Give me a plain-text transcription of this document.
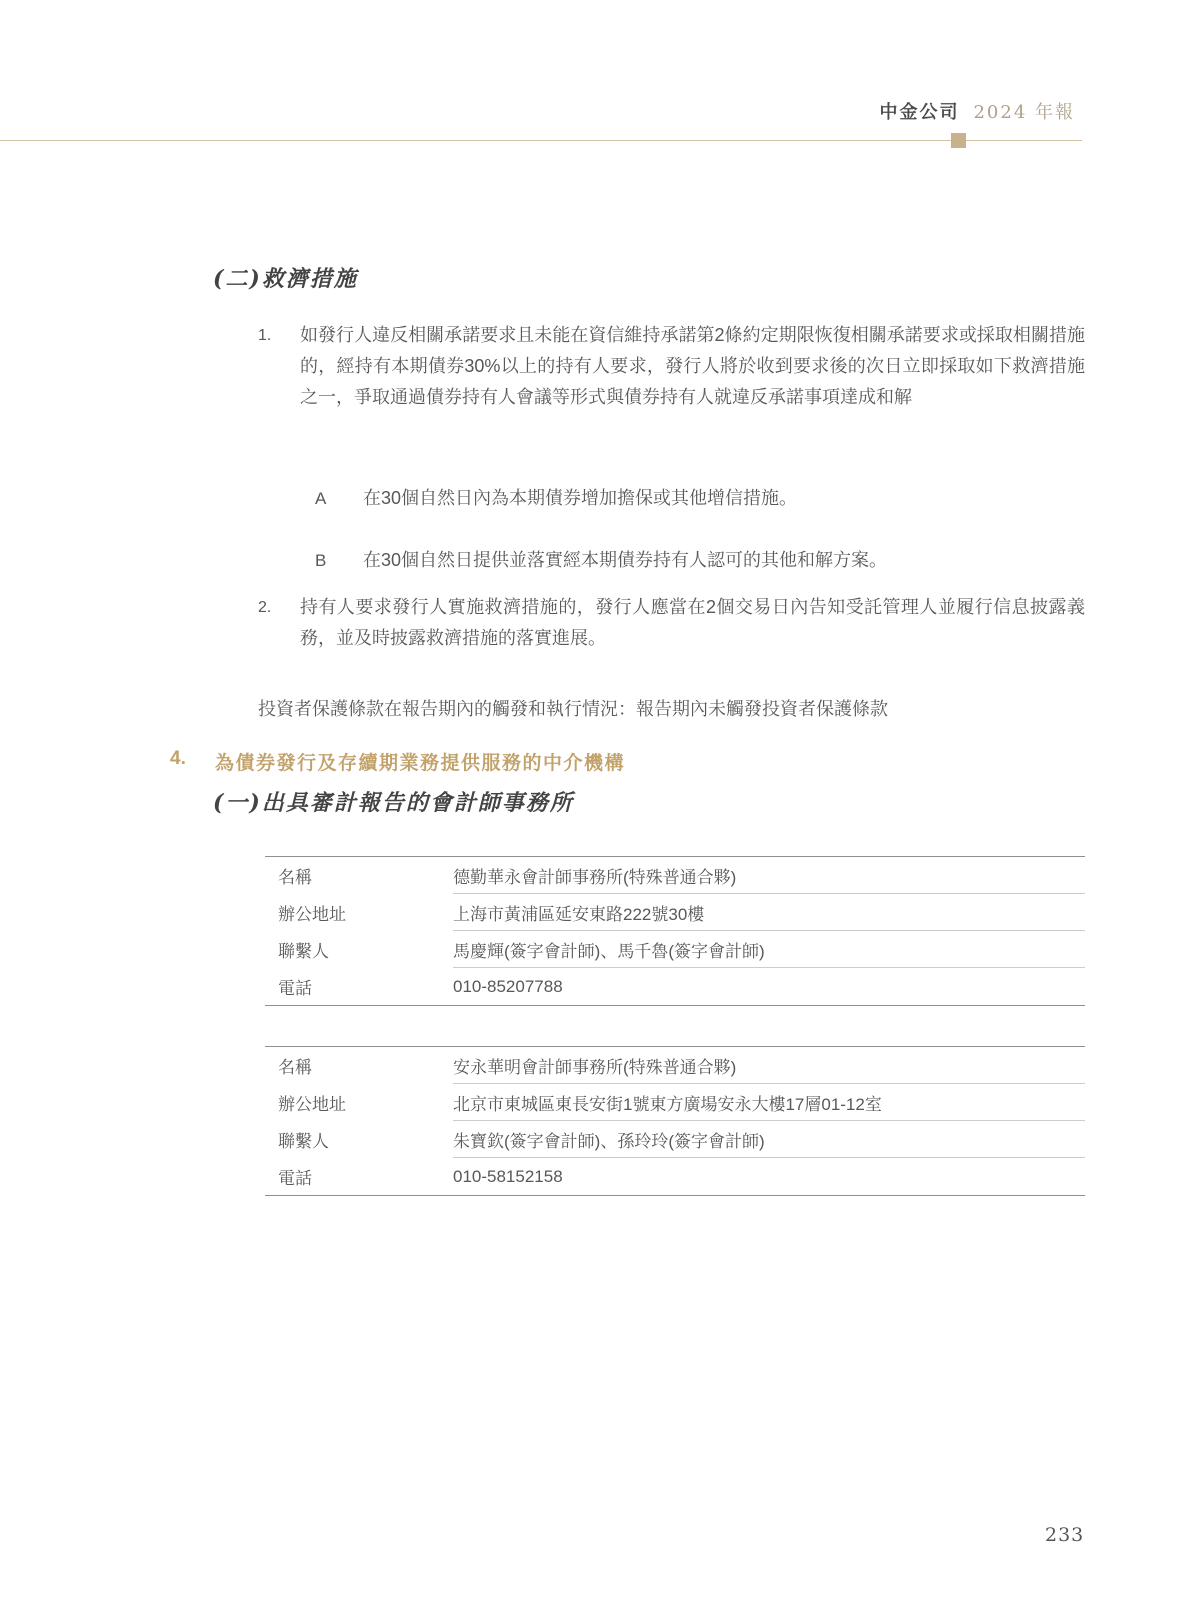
中金公司 2024 年報
(二)救濟措施
1. 如發行人違反相關承諾要求且未能在資信維持承諾第2條約定期限恢復相關承諾要求或採取相關措施的，經持有本期債券30%以上的持有人要求，發行人將於收到要求後的次日立即採取如下救濟措施之一，爭取通過債券持有人會議等形式與債券持有人就違反承諾事項達成和解

A 在30個自然日內為本期債券增加擔保或其他增信措施。

B 在30個自然日提供並落實經本期債券持有人認可的其他和解方案。

2. 持有人要求發行人實施救濟措施的，發行人應當在2個交易日內告知受託管理人並履行信息披露義務，並及時披露救濟措施的落實進展。

投資者保護條款在報告期內的觸發和執行情況：報告期內未觸發投資者保護條款

4. 為債券發行及存續期業務提供服務的中介機構
(一)出具審計報告的會計師事務所
名稱	德勤華永會計師事務所(特殊普通合夥)
辦公地址	上海市黃浦區延安東路222號30樓
聯繫人	馬慶輝(簽字會計師)、馬千魯(簽字會計師)
電話	010-85207788
名稱	安永華明會計師事務所(特殊普通合夥)
辦公地址	北京市東城區東長安街1號東方廣場安永大樓17層01-12室
聯繫人	朱寶欽(簽字會計師)、孫玲玲(簽字會計師)
電話	010-58152158
233
